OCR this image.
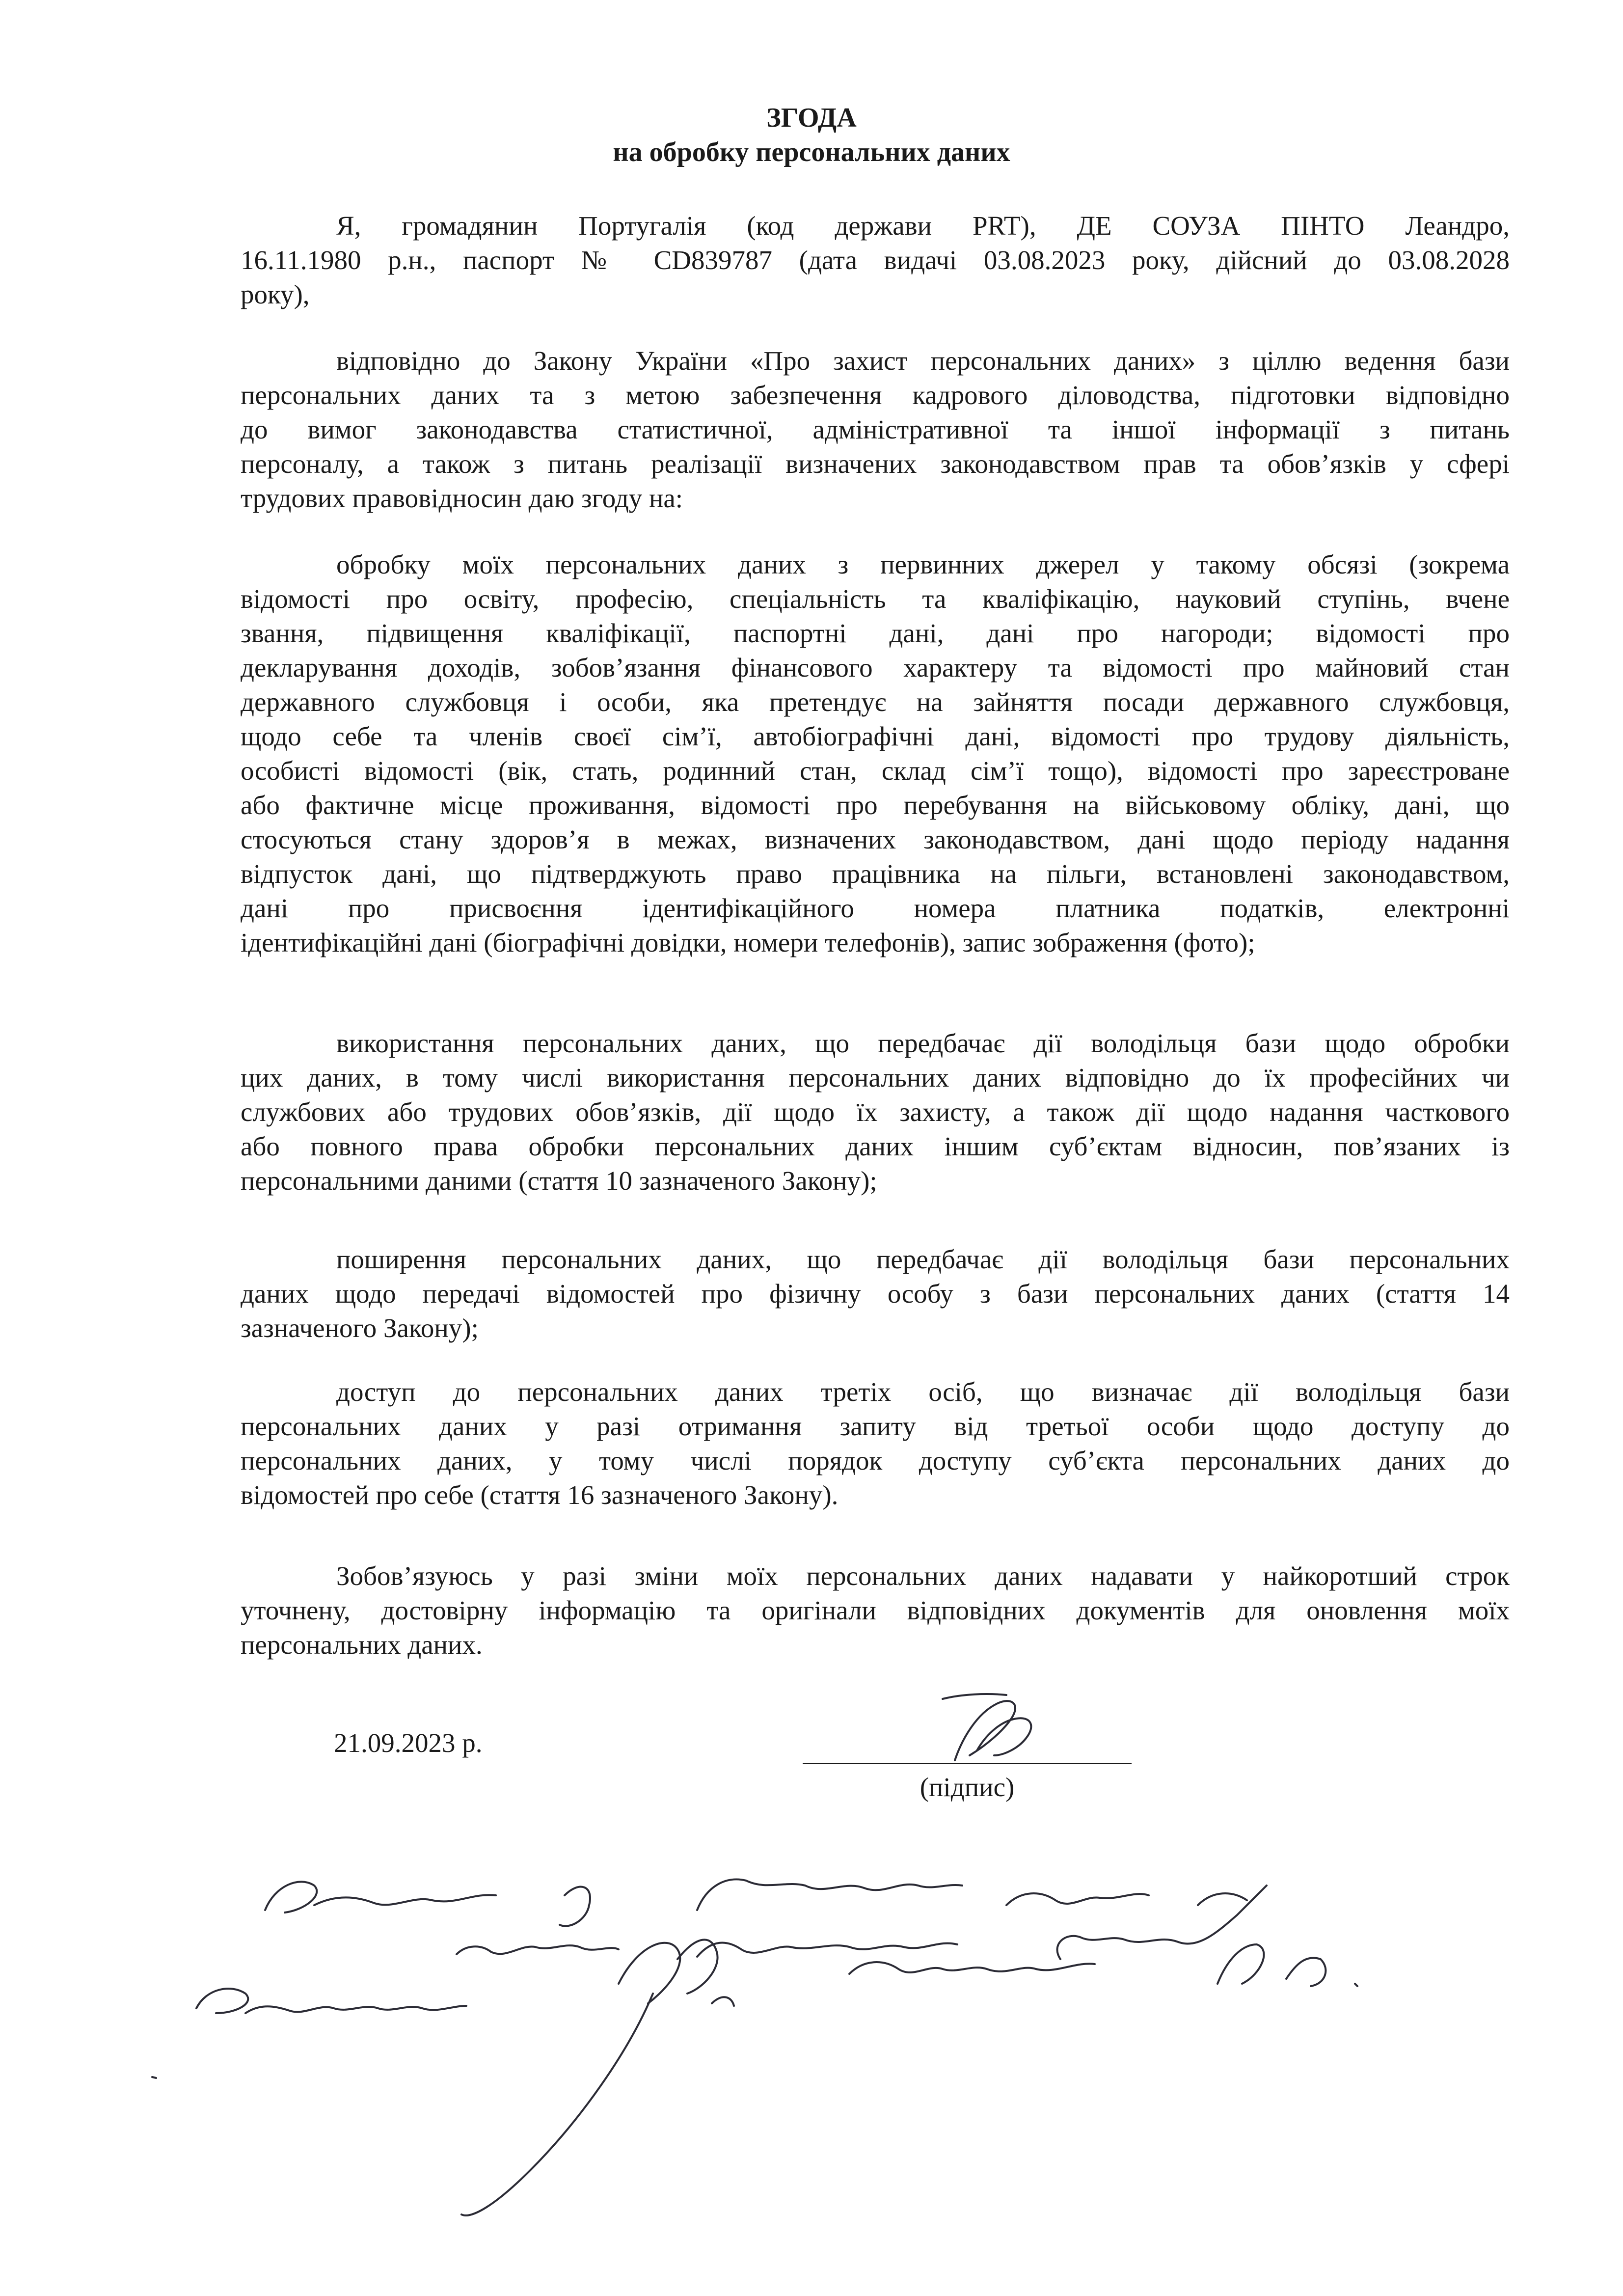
ЗГОДА
на обробку персональних даних
Я, громадянин Португалія (код держави PRT), ДЕ СОУЗА ПІНТО Леандро,
16.11.1980 р.н., паспорт № CD839787 (дата видачі 03.08.2023 року, дійсний до 03.08.2028
року),
відповідно до Закону України «Про захист персональних даних» з ціллю ведення бази
персональних даних та з метою забезпечення кадрового діловодства, підготовки відповідно
до вимог законодавства статистичної, адміністративної та іншої інформації з питань
персоналу, а також з питань реалізації визначених законодавством прав та обов’язків у сфері
трудових правовідносин даю згоду на:
обробку моїх персональних даних з первинних джерел у такому обсязі (зокрема
відомості про освіту, професію, спеціальність та кваліфікацію, науковий ступінь, вчене
звання, підвищення кваліфікації, паспортні дані, дані про нагороди; відомості про
декларування доходів, зобов’язання фінансового характеру та відомості про майновий стан
державного службовця і особи, яка претендує на зайняття посади державного службовця,
щодо себе та членів своєї сім’ї, автобіографічні дані, відомості про трудову діяльність,
особисті відомості (вік, стать, родинний стан, склад сім’ї тощо), відомості про зареєстроване
або фактичне місце проживання, відомості про перебування на військовому обліку, дані, що
стосуються стану здоров’я в межах, визначених законодавством, дані щодо періоду надання
відпусток дані, що підтверджують право працівника на пільги, встановлені законодавством,
дані про присвоєння ідентифікаційного номера платника податків, електронні
ідентифікаційні дані (біографічні довідки, номери телефонів), запис зображення (фото);
використання персональних даних, що передбачає дії володільця бази щодо обробки
цих даних, в тому числі використання персональних даних відповідно до їх професійних чи
службових або трудових обов’язків, дії щодо їх захисту, а також дії щодо надання часткового
або повного права обробки персональних даних іншим суб’єктам відносин, пов’язаних із
персональними даними (стаття 10 зазначеного Закону);
поширення персональних даних, що передбачає дії володільця бази персональних
даних щодо передачі відомостей про фізичну особу з бази персональних даних (стаття 14
зазначеного Закону);
доступ до персональних даних третіх осіб, що визначає дії володільця бази
персональних даних у разі отримання запиту від третьої особи щодо доступу до
персональних даних, у тому числі порядок доступу суб’єкта персональних даних до
відомостей про себе (стаття 16 зазначеного Закону).
Зобов’язуюсь у разі зміни моїх персональних даних надавати у найкоротший строк
уточнену, достовірну інформацію та оригінали відповідних документів для оновлення моїх
персональних даних.
21.09.2023 р.
(підпис)
